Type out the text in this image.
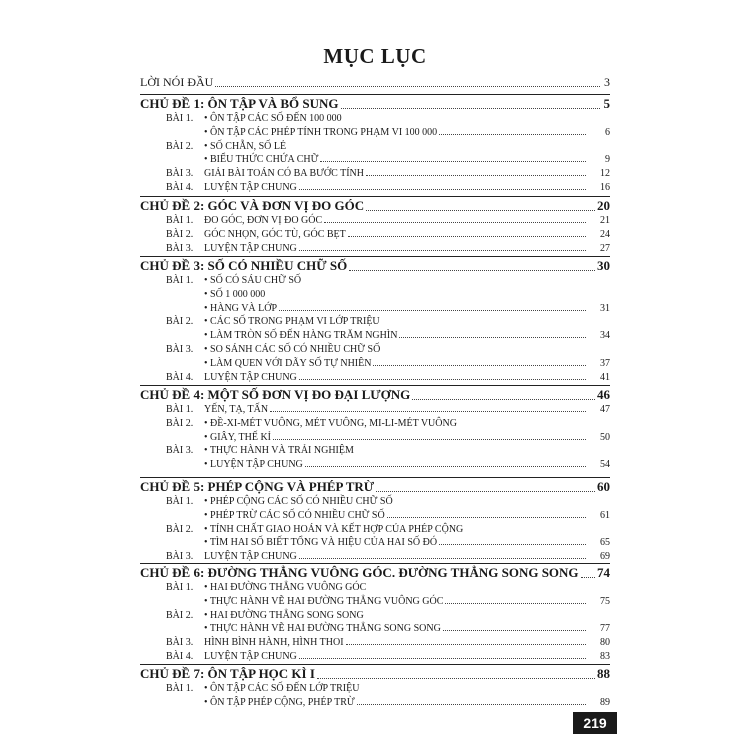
MỤC LỤC
LỜI NÓI ĐẦU	3
CHỦ ĐỀ 1: ÔN TẬP VÀ BỔ SUNG	5
BÀI 1. • ÔN TẬP CÁC SỐ ĐẾN 100 000
• ÔN TẬP CÁC PHÉP TÍNH TRONG PHẠM VI 100 000	6
BÀI 2. • SỐ CHẴN, SỐ LẺ
• BIỂU THỨC CHỨA CHỮ	9
BÀI 3. GIẢI BÀI TOÁN CÓ BA BƯỚC TÍNH	12
BÀI 4. LUYỆN TẬP CHUNG	16
CHỦ ĐỀ 2: GÓC VÀ ĐƠN VỊ ĐO GÓC	20
BÀI 1. ĐO GÓC, ĐƠN VỊ ĐO GÓC	21
BÀI 2. GÓC NHỌN, GÓC TÙ, GÓC BẸT	24
BÀI 3. LUYỆN TẬP CHUNG	27
CHỦ ĐỀ 3: SỐ CÓ NHIỀU CHỮ SỐ	30
BÀI 1. • SỐ CÓ SÁU CHỮ SỐ
• SỐ 1 000 000
• HÀNG VÀ LỚP	31
BÀI 2. • CÁC SỐ TRONG PHẠM VI LỚP TRIỆU
• LÀM TRÒN SỐ ĐẾN HÀNG TRĂM NGHÌN	34
BÀI 3. • SO SÁNH CÁC SỐ CÓ NHIỀU CHỮ SỐ
• LÀM QUEN VỚI DÃY SỐ TỰ NHIÊN	37
BÀI 4. LUYỆN TẬP CHUNG	41
CHỦ ĐỀ 4: MỘT SỐ ĐƠN VỊ ĐO ĐẠI LƯỢNG	46
BÀI 1. YẾN, TẠ, TẤN	47
BÀI 2. • ĐỀ-XI-MÉT VUÔNG, MÉT VUÔNG, MI-LI-MÉT VUÔNG
• GIÂY, THẾ KỈ	50
BÀI 3. • THỰC HÀNH VÀ TRẢI NGHIỆM
• LUYỆN TẬP CHUNG	54
CHỦ ĐỀ 5: PHÉP CỘNG VÀ PHÉP TRỪ	60
BÀI 1. • PHÉP CỘNG CÁC SỐ CÓ NHIỀU CHỮ SỐ
• PHÉP TRỪ CÁC SỐ CÓ NHIỀU CHỮ SỐ	61
BÀI 2. • TÍNH CHẤT GIAO HOÁN VÀ KẾT HỢP CỦA PHÉP CỘNG
• TÌM HAI SỐ BIẾT TỔNG VÀ HIỆU CỦA HAI SỐ ĐÓ	65
BÀI 3. LUYỆN TẬP CHUNG	69
CHỦ ĐỀ 6: ĐƯỜNG THẲNG VUÔNG GÓC. ĐƯỜNG THẲNG SONG SONG 74
BÀI 1. • HAI ĐƯỜNG THẲNG VUÔNG GÓC
• THỰC HÀNH VẼ HAI ĐƯỜNG THẲNG VUÔNG GÓC	75
BÀI 2. • HAI ĐƯỜNG THẲNG SONG SONG
• THỰC HÀNH VẼ HAI ĐƯỜNG THẲNG SONG SONG	77
BÀI 3. HÌNH BÌNH HÀNH, HÌNH THOI	80
BÀI 4. LUYỆN TẬP CHUNG	83
CHỦ ĐỀ 7: ÔN TẬP HỌC KÌ I	88
BÀI 1. • ÔN TẬP CÁC SỐ ĐẾN LỚP TRIỆU
• ÔN TẬP PHÉP CỘNG, PHÉP TRỪ	89
219
